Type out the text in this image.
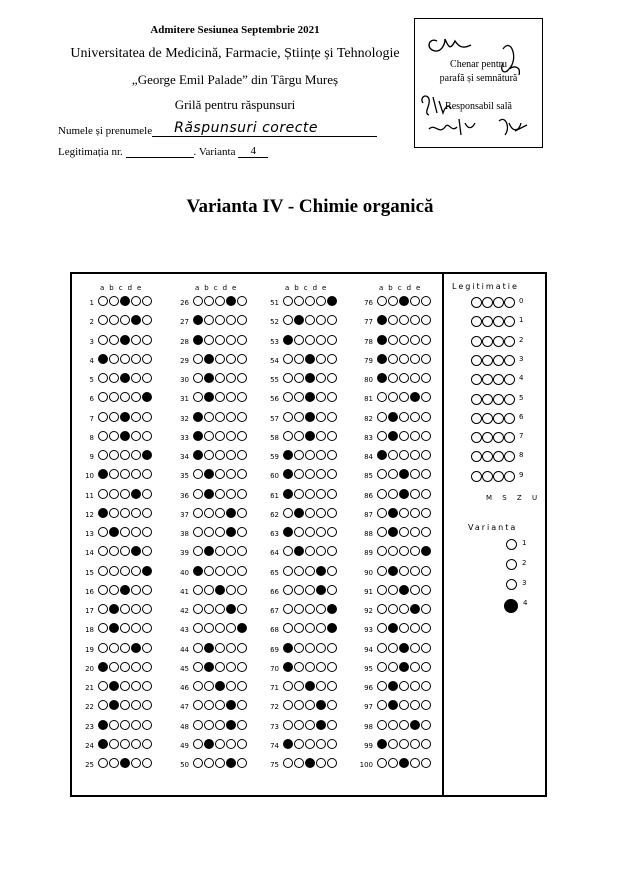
Admitere Sesiunea Septembrie 2021
Universitatea de Medicină, Farmacie, Științe și Tehnologie
„George Emil Palade” din Târgu Mureș
Grilă pentru răspunsuri
Numele și prenumele Răspunsuri corecte
Legitimația nr.	. Varianta 4
Chenar pentru
parafă și semnătură
Responsabil sală
Varianta IV - Chimie organică
abcde
1
2
3
4
5
6
7
8
9
10
11
12
13
14
15
16
17
18
19
20
21
22
23
24
25
abcde
26
27
28
29
30
31
32
33
34
35
36
37
38
39
40
41
42
43
44
45
46
47
48
49
50
abcde
51
52
53
54
55
56
57
58
59
60
61
62
63
64
65
66
67
68
69
70
71
72
73
74
75
abcde
76
77
78
79
80
81
82
83
84
85
86
87
88
89
90
91
92
93
94
95
96
97
98
99
100
Legitimatie
$^0$
$^1$
$^2$
$^3$
$^4$
$^5$
$^6$
$^7$
$^8$
$^9$
M S Z U
Varianta
$^1$
$^2$
$^3$
$^4$
